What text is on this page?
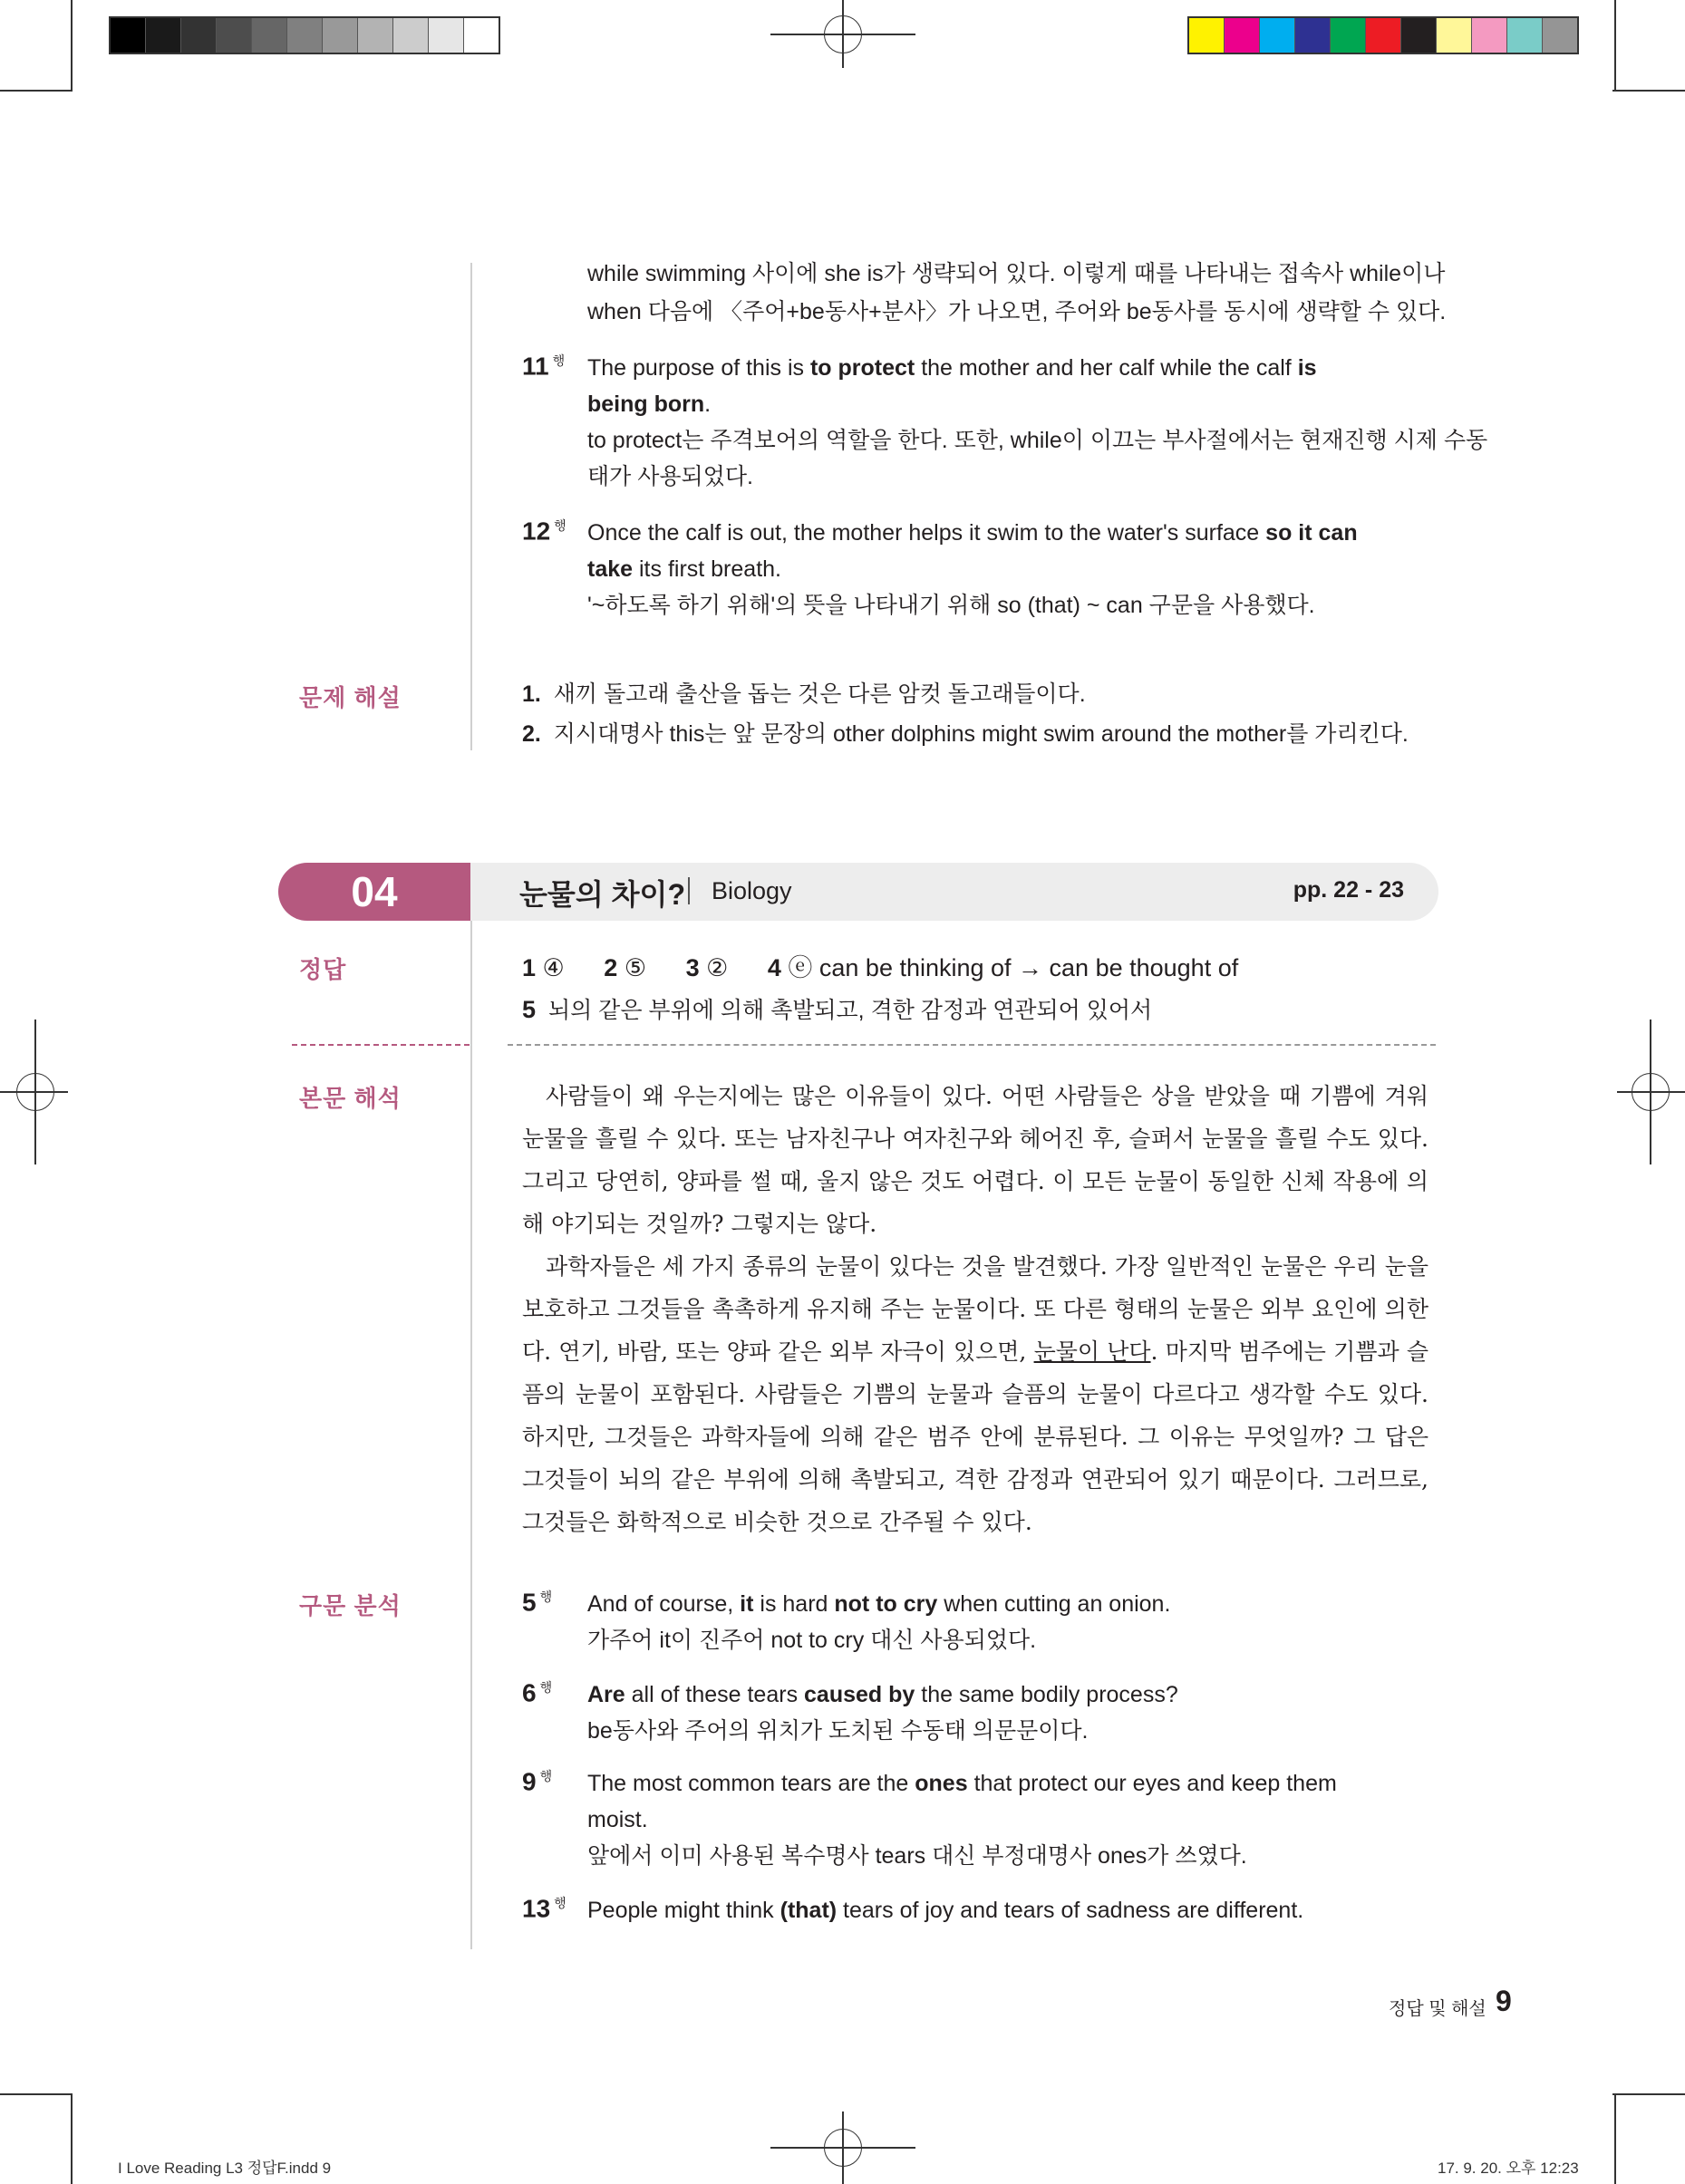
while swimming 사이에 she is가 생략되어 있다. 이렇게 때를 나타내는 접속사 while이나
when 다음에 〈주어+be동사+분사〉가 나오면, 주어와 be동사를 동시에 생략할 수 있다.
11 $^행$ The purpose of this is to protect the mother and her calf while the calf is
being born.
to protect는 주격보어의 역할을 한다. 또한, while이 이끄는 부사절에서는 현재진행 시제 수동
태가 사용되었다.
12 $^행$ Once the calf is out, the mother helps it swim to the water's surface so it can
take its first breath.
'~하도록 하기 위해'의 뜻을 나타내기 위해 so (that) ~ can 구문을 사용했다.
문제 해설	1. 새끼 돌고래 출산을 돕는 것은 다른 암컷 돌고래들이다.
2. 지시대명사 this는 앞 문장의 other dolphins might swim around the mother를 가리킨다.
04	눈물의 차이? Biology	pp. 22 - 23
정답	1 ④ 2 ⑤ 3 ② 4 ⓔ can be thinking of → can be thought of
5 뇌의 같은 부위에 의해 촉발되고, 격한 감정과 연관되어 있어서
본문 해석	사람들이 왜 우는지에는 많은 이유들이 있다. 어떤 사람들은 상을 받았을 때 기쁨에 겨워 눈물을 흘릴 수 있다. 또는 남자친구나 여자친구와 헤어진 후, 슬퍼서 눈물을 흘릴 수도 있다. 그리고 당연히, 양파를 썰 때, 울지 않은 것도 어렵다. 이 모든 눈물이 동일한 신체 작용에 의해 야기되는 것일까? 그렇지는 않다.

과학자들은 세 가지 종류의 눈물이 있다는 것을 발견했다. 가장 일반적인 눈물은 우리 눈을 보호하고 그것들을 촉촉하게 유지해 주는 눈물이다. 또 다른 형태의 눈물은 외부 요인에 의한다. 연기, 바람, 또는 양파 같은 외부 자극이 있으면, 눈물이 난다. 마지막 범주에는 기쁨과 슬픔의 눈물이 포함된다. 사람들은 기쁨의 눈물과 슬픔의 눈물이 다르다고 생각할 수도 있다. 하지만, 그것들은 과학자들에 의해 같은 범주 안에 분류된다. 그 이유는 무엇일까? 그 답은 그것들이 뇌의 같은 부위에 의해 촉발되고, 격한 감정과 연관되어 있기 때문이다. 그러므로, 그것들은 화학적으로 비슷한 것으로 간주될 수 있다.

구문 분석	5 $^행$ And of course, it is hard not to cry when cutting an onion.
가주어 it이 진주어 not to cry 대신 사용되었다.
6 $^행$ Are all of these tears caused by the same bodily process?
be동사와 주어의 위치가 도치된 수동태 의문문이다.
9 $^행$ The most common tears are the ones that protect our eyes and keep them
moist.
앞에서 이미 사용된 복수명사 tears 대신 부정대명사 ones가 쓰였다.
13 $^행$ People might think (that) tears of joy and tears of sadness are different.
정답 및 해설 9
I Love Reading L3 정답F.indd 9	17. 9. 20. 오후 12:23
